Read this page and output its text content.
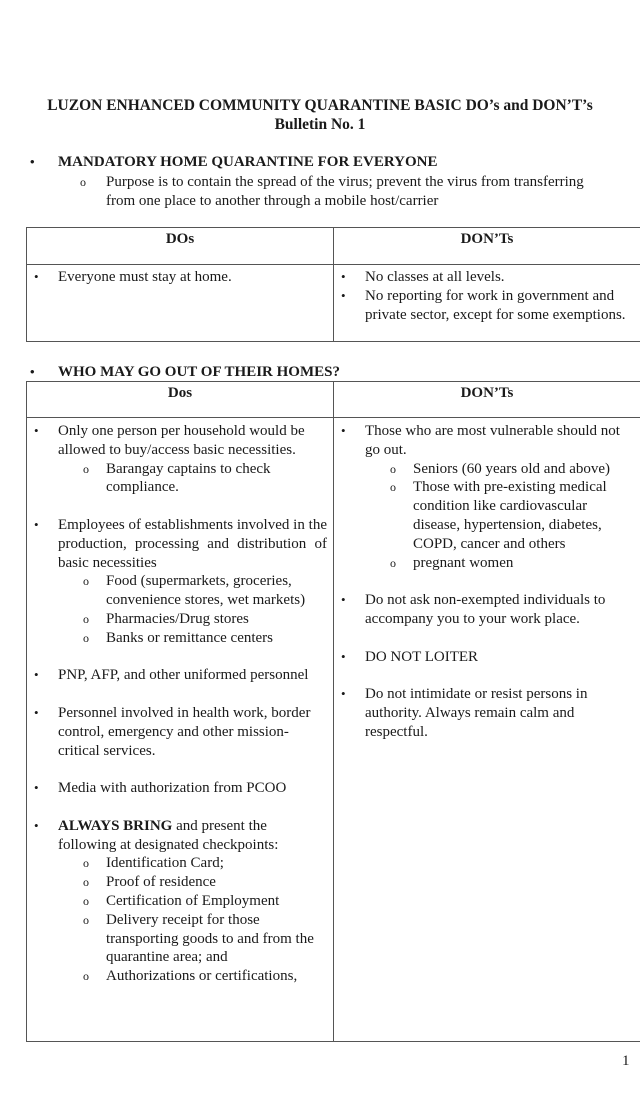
LUZON ENHANCED COMMUNITY QUARANTINE BASIC DO’s and DON’T’s
Bulletin No. 1
• MANDATORY HOME QUARANTINE FOR EVERYONE
o Purpose is to contain the spread of the virus; prevent the virus from transferring from one place to another through a mobile host/carrier
DOs	DON’Ts

• Everyone must stay at home.

•No classes at all levels.
• No reporting for work in government and private sector, except for some exemptions.
• WHO MAY GO OUT OF THEIR HOMES?
Dos	DON’Ts

• Only one person per household would be allowed to buy/access basic necessities.
o Barangay captains to check compliance.
• Employees of establishments involved in the production, processing and distribution of basic necessities
o Food (supermarkets, groceries, convenience stores, wet markets)
o Pharmacies/Drug stores
o Banks or remittance centers
• PNP, AFP, and other uniformed personnel
• Personnel involved in health work, border control, emergency and other mission-critical services.
• Media with authorization from PCOO
• ALWAYS BRING and present the following at designated checkpoints:
o Identification Card;
o Proof of residence
o Certification of Employment
o Delivery receipt for those transporting goods to and from the quarantine area; and
o Authorizations or certifications,

• Those who are most vulnerable should not go out.
o Seniors (60 years old and above)
o Those with pre-existing medical condition like cardiovascular disease, hypertension, diabetes, COPD, cancer and others
o pregnant women
• Do not ask non-exempted individuals to accompany you to your work place.
• DO NOT LOITER
• Do not intimidate or resist persons in authority. Always remain calm and respectful.
1
